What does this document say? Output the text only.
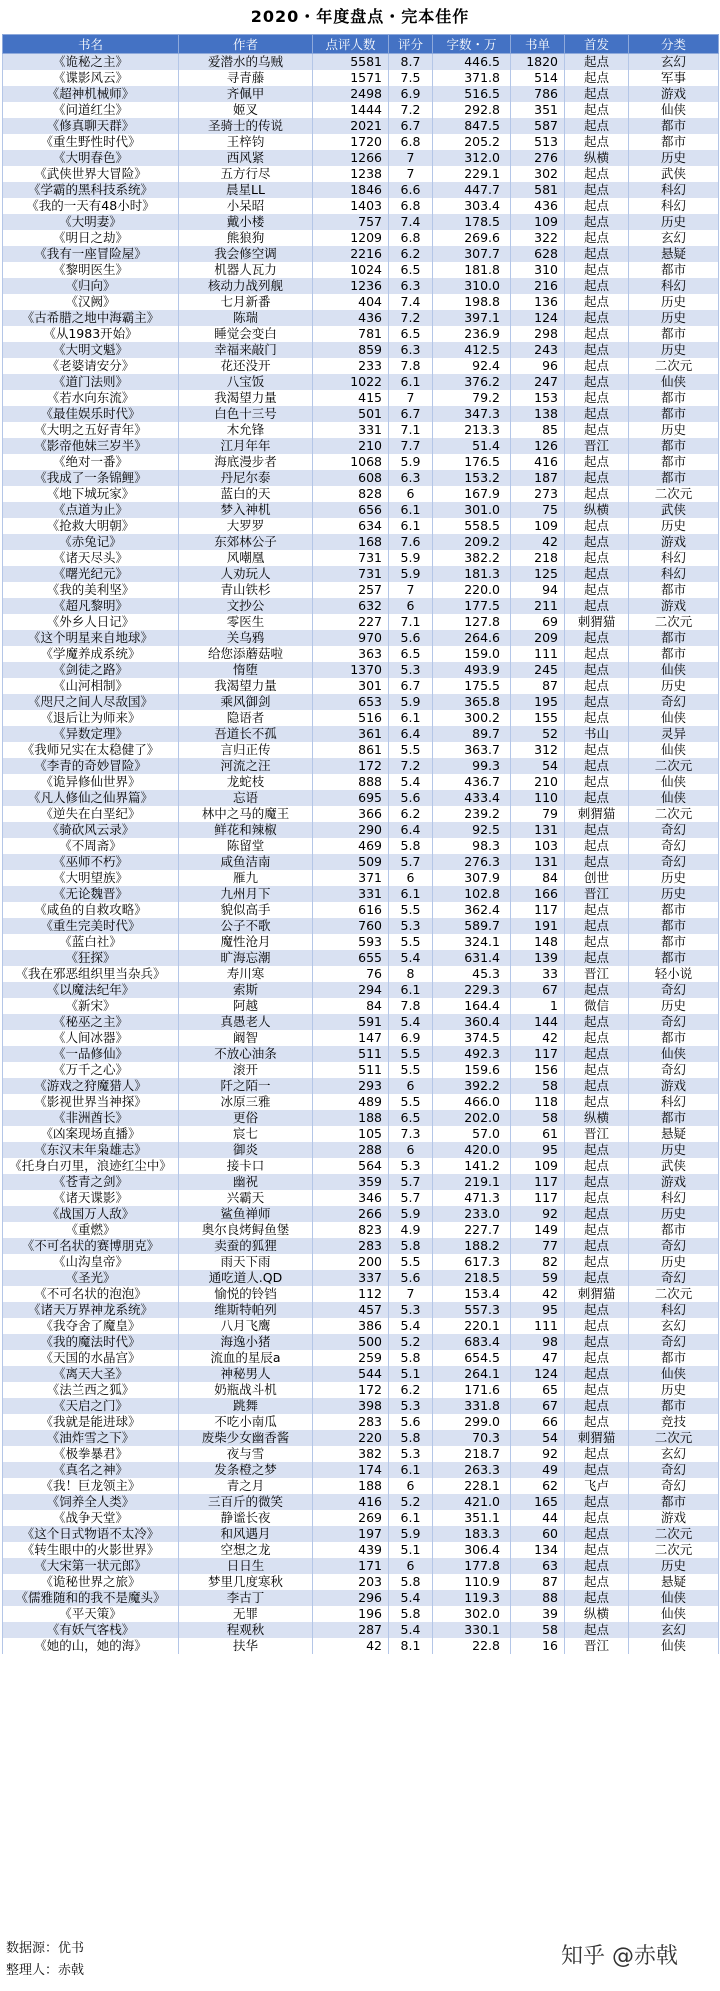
2020・年度盘点・完本佳作
书名	作者	点评人数	评分	字数・万	书单	首发	分类
《诡秘之主》	爱潜水的乌贼	5581	8.7	446.5	1820	起点	玄幻
《谍影风云》	寻青藤	1571	7.5	371.8	514	起点	军事
《超神机械师》	齐佩甲	2498	6.9	516.5	786	起点	游戏
《问道红尘》	姬叉	1444	7.2	292.8	351	起点	仙侠
《修真聊天群》	圣骑士的传说	2021	6.7	847.5	587	起点	都市
《重生野性时代》	王梓钧	1720	6.8	205.2	513	起点	都市
《大明春色》	西风紧	1266	7	312.0	276	纵横	历史
《武侠世界大冒险》	五方行尽	1238	7	229.1	302	起点	武侠
《学霸的黑科技系统》	晨星LL	1846	6.6	447.7	581	起点	科幻
《我的一天有48小时》	小呆昭	1403	6.8	303.4	436	起点	科幻
《大明妻》	戴小楼	757	7.4	178.5	109	起点	历史
《明日之劫》	熊狼狗	1209	6.8	269.6	322	起点	玄幻
《我有一座冒险屋》	我会修空调	2216	6.2	307.7	628	起点	悬疑
《黎明医生》	机器人瓦力	1024	6.5	181.8	310	起点	都市
《归向》	核动力战列舰	1236	6.3	310.0	216	起点	科幻
《汉阙》	七月新番	404	7.4	198.8	136	起点	历史
《古希腊之地中海霸主》	陈瑞	436	7.2	397.1	124	起点	历史
《从1983开始》	睡觉会变白	781	6.5	236.9	298	起点	都市
《大明文魁》	幸福来敲门	859	6.3	412.5	243	起点	历史
《老婆请安分》	花还没开	233	7.8	92.4	96	起点	二次元
《道门法则》	八宝饭	1022	6.1	376.2	247	起点	仙侠
《若水向东流》	我渴望力量	415	7	79.2	153	起点	都市
《最佳娱乐时代》	白色十三号	501	6.7	347.3	138	起点	都市
《大明之五好青年》	木允锋	331	7.1	213.3	85	起点	历史
《影帝他妹三岁半》	江月年年	210	7.7	51.4	126	晋江	都市
《绝对一番》	海底漫步者	1068	5.9	176.5	416	起点	都市
《我成了一条锦鲤》	丹尼尔泰	608	6.3	153.2	187	起点	都市
《地下城玩家》	蓝白的天	828	6	167.9	273	起点	二次元
《点道为止》	梦入神机	656	6.1	301.0	75	纵横	武侠
《抢救大明朝》	大罗罗	634	6.1	558.5	109	起点	历史
《赤兔记》	东郊林公子	168	7.6	209.2	42	起点	游戏
《诸天尽头》	风嘲凰	731	5.9	382.2	218	起点	科幻
《曙光纪元》	人劝玩人	731	5.9	181.3	125	起点	科幻
《我的美利坚》	青山铁杉	257	7	220.0	94	起点	都市
《超凡黎明》	文抄公	632	6	177.5	211	起点	游戏
《外乡人日记》	零医生	227	7.1	127.8	69	刺猬猫	二次元
《这个明星来自地球》	关乌鸦	970	5.6	264.6	209	起点	都市
《学魔养成系统》	给您添蘑菇啦	363	6.5	159.0	111	起点	都市
《剑徒之路》	惰堕	1370	5.3	493.9	245	起点	仙侠
《山河相制》	我渴望力量	301	6.7	175.5	87	起点	历史
《咫尺之间人尽敌国》	乘风御剑	653	5.9	365.8	195	起点	奇幻
《退后让为师来》	隐语者	516	6.1	300.2	155	起点	仙侠
《异数定理》	吾道长不孤	361	6.4	89.7	52	书山	灵异
《我师兄实在太稳健了》	言归正传	861	5.5	363.7	312	起点	仙侠
《李青的奇妙冒险》	河流之汪	172	7.2	99.3	54	起点	二次元
《诡异修仙世界》	龙蛇枝	888	5.4	436.7	210	起点	仙侠
《凡人修仙之仙界篇》	忘语	695	5.6	433.4	110	起点	仙侠
《逆失在白垩纪》	林中之马的魔王	366	6.2	239.2	79	刺猬猫	二次元
《骑砍风云录》	鲜花和辣椒	290	6.4	92.5	131	起点	奇幻
《不周斋》	陈留堂	469	5.8	98.3	103	起点	奇幻
《巫师不朽》	咸鱼洁南	509	5.7	276.3	131	起点	奇幻
《大明望族》	雁九	371	6	307.9	84	创世	历史
《无论魏晋》	九州月下	331	6.1	102.8	166	晋江	历史
《咸鱼的自救攻略》	貌似高手	616	5.5	362.4	117	起点	都市
《重生完美时代》	公子不歌	760	5.3	589.7	191	起点	都市
《蓝白社》	魔性沧月	593	5.5	324.1	148	起点	都市
《狂探》	旷海忘潮	655	5.4	631.4	139	起点	都市
《我在邪恶组织里当杂兵》	寿川寒	76	8	45.3	33	晋江	轻小说
《以魔法纪年》	索斯	294	6.1	229.3	67	起点	奇幻
《新宋》	阿越	84	7.8	164.4	1	微信	历史
《秘巫之主》	真愚老人	591	5.4	360.4	144	起点	奇幻
《人间冰器》	阚智	147	6.9	374.5	42	起点	都市
《一品修仙》	不放心油条	511	5.5	492.3	117	起点	仙侠
《万千之心》	滚开	511	5.5	159.6	156	起点	奇幻
《游戏之狩魔猎人》	阡之陌一	293	6	392.2	58	起点	游戏
《影视世界当神探》	冰原三雅	489	5.5	466.0	118	起点	科幻
《非洲酋长》	更俗	188	6.5	202.0	58	纵横	都市
《凶案现场直播》	宸七	105	7.3	57.0	61	晋江	悬疑
《东汉末年枭雄志》	御炎	288	6	420.0	95	起点	历史
《托身白刃里，浪迹红尘中》	接卡口	564	5.3	141.2	109	起点	武侠
《苍青之剑》	幽祝	359	5.7	219.1	117	起点	游戏
《诸天谍影》	兴霸天	346	5.7	471.3	117	起点	科幻
《战国万人敌》	鲨鱼禅师	266	5.9	233.0	92	起点	历史
《重燃》	奥尔良烤鲟鱼堡	823	4.9	227.7	149	起点	都市
《不可名状的赛博朋克》	卖蚕的狐狸	283	5.8	188.2	77	起点	奇幻
《山沟皇帝》	雨天下雨	200	5.5	617.3	82	起点	历史
《圣光》	通吃道人.QD	337	5.6	218.5	59	起点	奇幻
《不可名状的泡泡》	愉悦的铃铛	112	7	153.4	42	刺猬猫	二次元
《诸天万界神龙系统》	维斯特帕列	457	5.3	557.3	95	起点	科幻
《我夺舍了魔皇》	八月飞鹰	386	5.4	220.1	111	起点	玄幻
《我的魔法时代》	海逸小猪	500	5.2	683.4	98	起点	奇幻
《天国的水晶宫》	流血的星辰a	259	5.8	654.5	47	起点	都市
《离天大圣》	神秘男人	544	5.1	264.1	124	起点	仙侠
《法兰西之狐》	奶瓶战斗机	172	6.2	171.6	65	起点	历史
《天启之门》	跳舞	398	5.3	331.8	67	起点	都市
《我就是能进球》	不吃小南瓜	283	5.6	299.0	66	起点	竞技
《油炸雪之下》	废柴少女幽香酱	220	5.8	70.3	54	刺猬猫	二次元
《极拳暴君》	夜与雪	382	5.3	218.7	92	起点	玄幻
《真名之神》	发条橙之梦	174	6.1	263.3	49	起点	奇幻
《我！巨龙领主》	青之月	188	6	228.1	62	飞卢	奇幻
《饲养全人类》	三百斤的微笑	416	5.2	421.0	165	起点	都市
《战争天堂》	静谧长夜	269	6.1	351.1	44	起点	游戏
《这个日式物语不太冷》	和风遇月	197	5.9	183.3	60	起点	二次元
《转生眼中的火影世界》	空想之龙	439	5.1	306.4	134	起点	二次元
《大宋第一状元郎》	日日生	171	6	177.8	63	起点	历史
《诡秘世界之旅》	梦里几度寒秋	203	5.8	110.9	87	起点	悬疑
《儒雅随和的我不是魔头》	李古丁	296	5.4	119.3	88	起点	仙侠
《平天策》	无罪	196	5.8	302.0	39	纵横	仙侠
《有妖气客栈》	程观秋	287	5.4	330.1	58	起点	玄幻
《她的山，她的海》	扶华	42	8.1	22.8	16	晋江	仙侠
数据源：优书
整理人：赤戟
知乎 @赤戟
